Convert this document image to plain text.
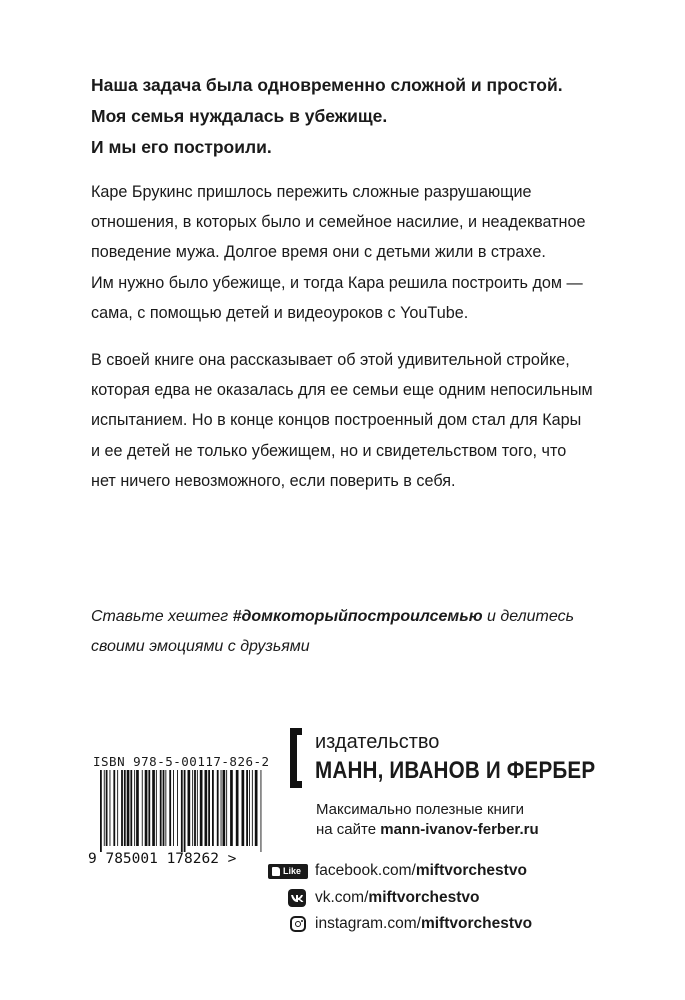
Наша задача была одновременно сложной и простой.
Моя семья нуждалась в убежище.
И мы его построили.
Каре Брукинс пришлось пережить сложные разрушающие
отношения, в которых было и семейное насилие, и неадекватное
поведение мужа. Долгое время они с детьми жили в страхе.
Им нужно было убежище, и тогда Кара решила построить дом —
сама, с помощью детей и видеоуроков с YouTube.
В своей книге она рассказывает об этой удивительной стройке,
которая едва не оказалась для ее семьи еще одним непосильным
испытанием. Но в конце концов построенный дом стал для Кары
и ее детей не только убежищем, но и свидетельством того, что
нет ничего невозможного, если поверить в себя.
Ставьте хештег #домкоторыйпостроилсемью и делитесь
своими эмоциями с друзьями
ISBN 978-5-00117-826-2
9 785001 178262 >
издательство
МАНН, ИВАНОВ И ФЕРБЕР
Максимально полезные книги
на сайте mann-ivanov-ferber.ru
Like facebook.com/ miftvorchestvo
vk.com/ miftvorchestvo
instagram.com/ miftvorchestvo
